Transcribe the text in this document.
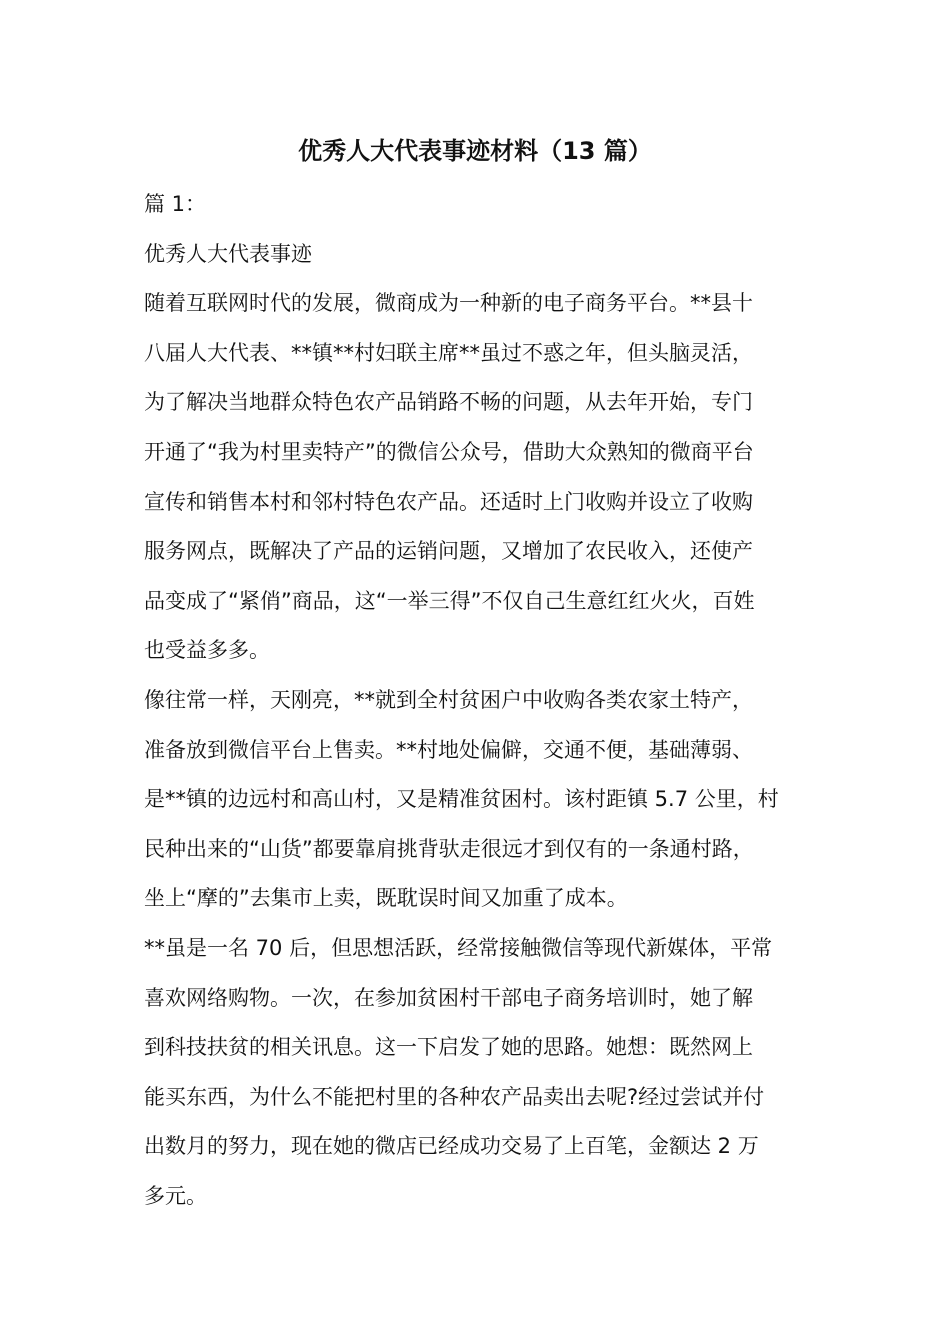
优秀人大代表事迹材料（13 篇）
篇 1：
优秀人大代表事迹
随着互联网时代的发展，微商成为一种新的电子商务平台。**县十
八届人大代表、**镇**村妇联主席**虽过不惑之年，但头脑灵活，
为了解决当地群众特色农产品销路不畅的问题，从去年开始，专门
开通了“我为村里卖特产”的微信公众号，借助大众熟知的微商平台
宣传和销售本村和邻村特色农产品。还适时上门收购并设立了收购
服务网点，既解决了产品的运销问题，又增加了农民收入，还使产
品变成了“紧俏”商品，这“一举三得”不仅自己生意红红火火，百姓
也受益多多。
像往常一样，天刚亮，**就到全村贫困户中收购各类农家土特产，
准备放到微信平台上售卖。**村地处偏僻，交通不便，基础薄弱、
是**镇的边远村和高山村，又是精准贫困村。该村距镇 5.7 公里，村
民种出来的“山货”都要靠肩挑背驮走很远才到仅有的一条通村路，
坐上“摩的”去集市上卖，既耽误时间又加重了成本。
**虽是一名 70 后，但思想活跃，经常接触微信等现代新媒体，平常
喜欢网络购物。一次，在参加贫困村干部电子商务培训时，她了解
到科技扶贫的相关讯息。这一下启发了她的思路。她想：既然网上
能买东西，为什么不能把村里的各种农产品卖出去呢?经过尝试并付
出数月的努力，现在她的微店已经成功交易了上百笔，金额达 2 万
多元。
